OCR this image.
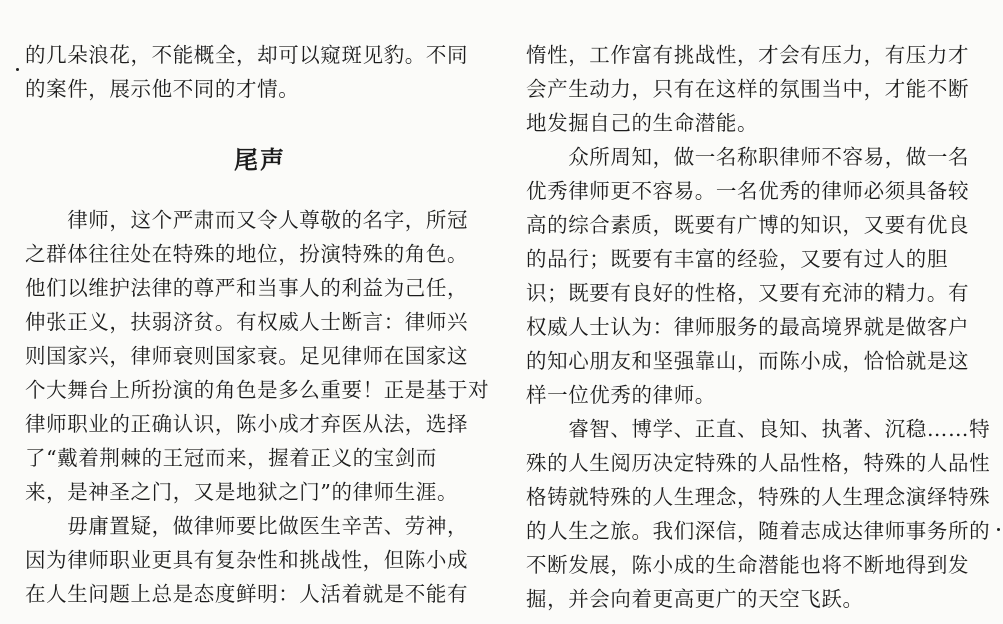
的几朵浪花，不能概全，却可以窥斑见豹。不同
的案件，展示他不同的才情。
尾声
　　律师，这个严肃而又令人尊敬的名字，所冠
之群体往往处在特殊的地位，扮演特殊的角色。
他们以维护法律的尊严和当事人的利益为己任，
伸张正义，扶弱济贫。有权威人士断言：律师兴
则国家兴，律师衰则国家衰。足见律师在国家这
个大舞台上所扮演的角色是多么重要！正是基于对
律师职业的正确认识，陈小成才弃医从法，选择
了“戴着荆棘的王冠而来，握着正义的宝剑而
来，是神圣之门，又是地狱之门”的律师生涯。
　　毋庸置疑，做律师要比做医生辛苦、劳神，
因为律师职业更具有复杂性和挑战性，但陈小成
在人生问题上总是态度鲜明：人活着就是不能有
惰性，工作富有挑战性，才会有压力，有压力才
会产生动力，只有在这样的氛围当中，才能不断
地发掘自己的生命潜能。
　　众所周知，做一名称职律师不容易，做一名
优秀律师更不容易。一名优秀的律师必须具备较
高的综合素质，既要有广博的知识，又要有优良
的品行；既要有丰富的经验，又要有过人的胆
识；既要有良好的性格，又要有充沛的精力。有
权威人士认为：律师服务的最高境界就是做客户
的知心朋友和坚强靠山，而陈小成，恰恰就是这
样一位优秀的律师。
　　睿智、博学、正直、良知、执著、沉稳……特
殊的人生阅历决定特殊的人品性格，特殊的人品性
格铸就特殊的人生理念，特殊的人生理念演绎特殊
的人生之旅。我们深信，随着志成达律师事务所的
不断发展，陈小成的生命潜能也将不断地得到发
掘，并会向着更高更广的天空飞跃。
